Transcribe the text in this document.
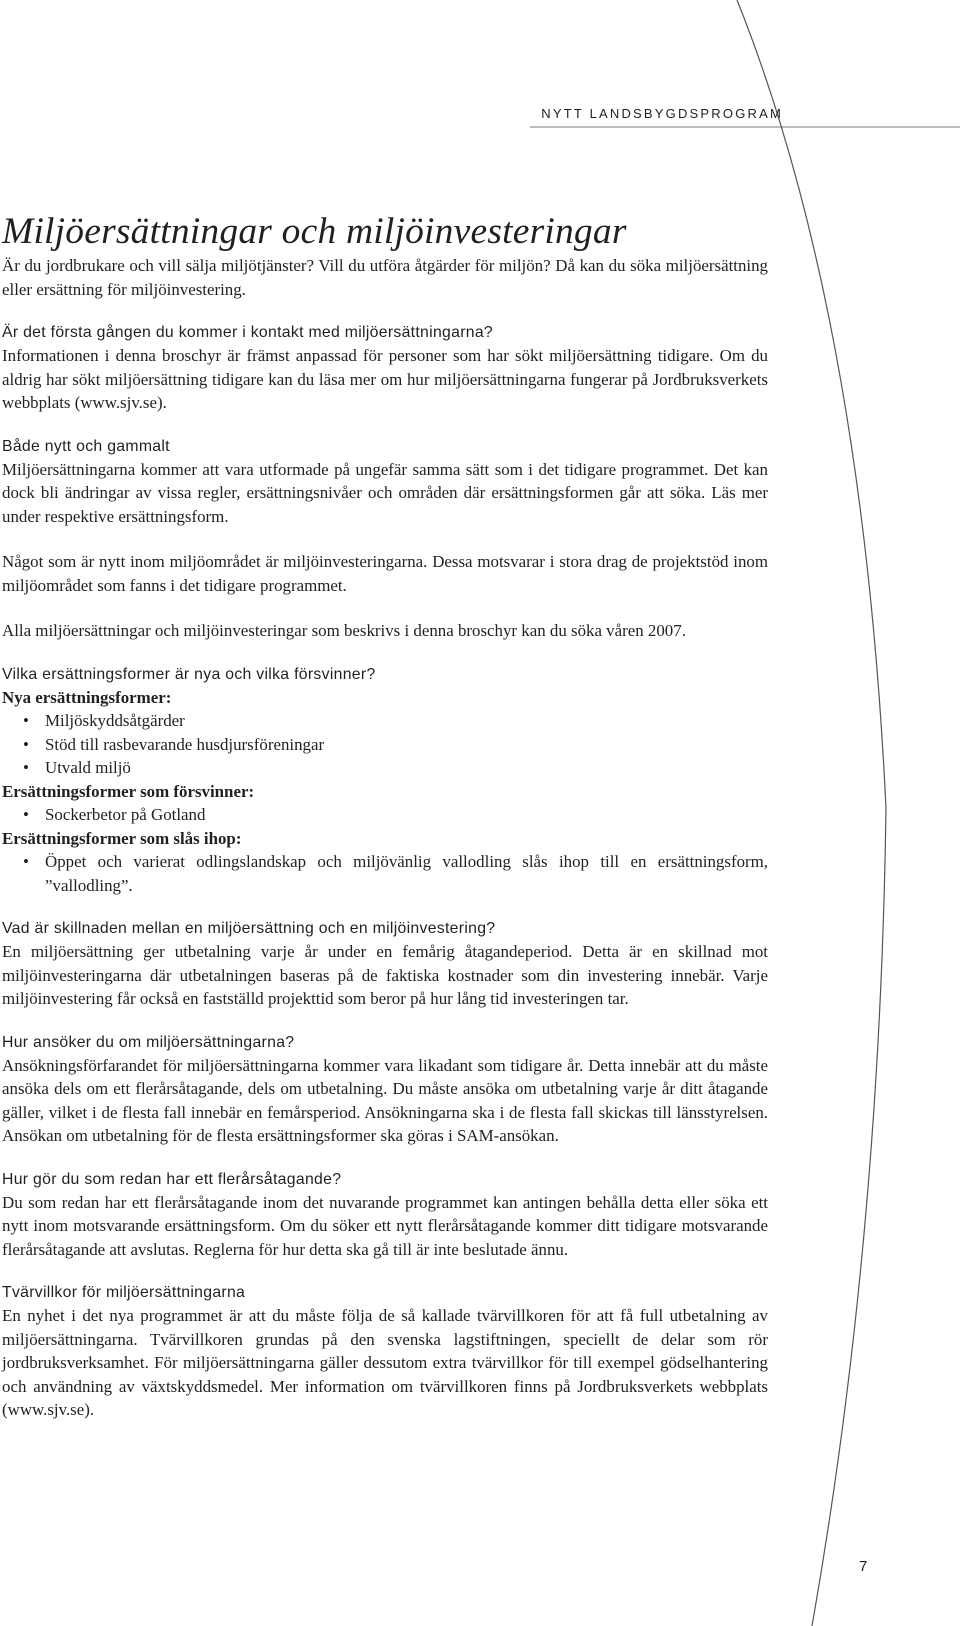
NYTT LANDSBYGDSPROGRAM
Miljöersättningar och miljöinvesteringar

Är du jordbrukare och vill sälja miljötjänster? Vill du utföra åtgärder för miljön? Då kan du söka miljöersättning eller ersättning för miljöinvestering.

Är det första gången du kommer i kontakt med miljöersättningarna?

Informationen i denna broschyr är främst anpassad för personer som har sökt miljöersättning tidigare. Om du aldrig har sökt miljöersättning tidigare kan du läsa mer om hur miljöersättningarna fungerar på Jordbruksverkets webbplats (www.sjv.se).

Både nytt och gammalt

Miljöersättningarna kommer att vara utformade på ungefär samma sätt som i det tidigare programmet. Det kan dock bli ändringar av vissa regler, ersättningsnivåer och områden där ersättningsformen går att söka. Läs mer under respektive ersättningsform.

Något som är nytt inom miljöområdet är miljöinvesteringarna. Dessa motsvarar i stora drag de projektstöd inom miljöområdet som fanns i det tidigare programmet.

Alla miljöersättningar och miljöinvesteringar som beskrivs i denna broschyr kan du söka våren 2007.

Vilka ersättningsformer är nya och vilka försvinner?
Nya ersättningsformer:
• Miljöskyddsåtgärder
• Stöd till rasbevarande husdjursföreningar
• Utvald miljö
Ersättningsformer som försvinner:
• Sockerbetor på Gotland
Ersättningsformer som slås ihop:
• Öppet och varierat odlingslandskap och miljövänlig vallodling slås ihop till en ersättningsform, ”vallodling”.
Vad är skillnaden mellan en miljöersättning och en miljöinvestering?

En miljöersättning ger utbetalning varje år under en femårig åtagandeperiod. Detta är en skillnad mot miljöinvesteringarna där utbetalningen baseras på de faktiska kostnader som din investering innebär. Varje miljöinvestering får också en fastställd projekttid som beror på hur lång tid investeringen tar.

Hur ansöker du om miljöersättningarna?

Ansökningsförfarandet för miljöersättningarna kommer vara likadant som tidigare år. Detta innebär att du måste ansöka dels om ett flerårsåtagande, dels om utbetalning. Du måste ansöka om utbetalning varje år ditt åtagande gäller, vilket i de flesta fall innebär en femårsperiod. Ansökningarna ska i de flesta fall skickas till länsstyrelsen. Ansökan om utbetalning för de flesta ersättningsformer ska göras i SAM-ansökan.

Hur gör du som redan har ett flerårsåtagande?

Du som redan har ett flerårsåtagande inom det nuvarande programmet kan antingen behålla detta eller söka ett nytt inom motsvarande ersättningsform. Om du söker ett nytt flerårsåtagande kommer ditt tidigare motsvarande flerårsåtagande att avslutas. Reglerna för hur detta ska gå till är inte beslutade ännu.

Tvärvillkor för miljöersättningarna

En nyhet i det nya programmet är att du måste följa de så kallade tvärvillkoren för att få full utbetalning av miljöersättningarna. Tvärvillkoren grundas på den svenska lagstiftningen, speciellt de delar som rör jordbruksverksamhet. För miljöersättningarna gäller dessutom extra tvärvillkor för till exempel gödselhantering och användning av växtskyddsmedel. Mer information om tvärvillkoren finns på Jordbruksverkets webbplats (www.sjv.se).

7
